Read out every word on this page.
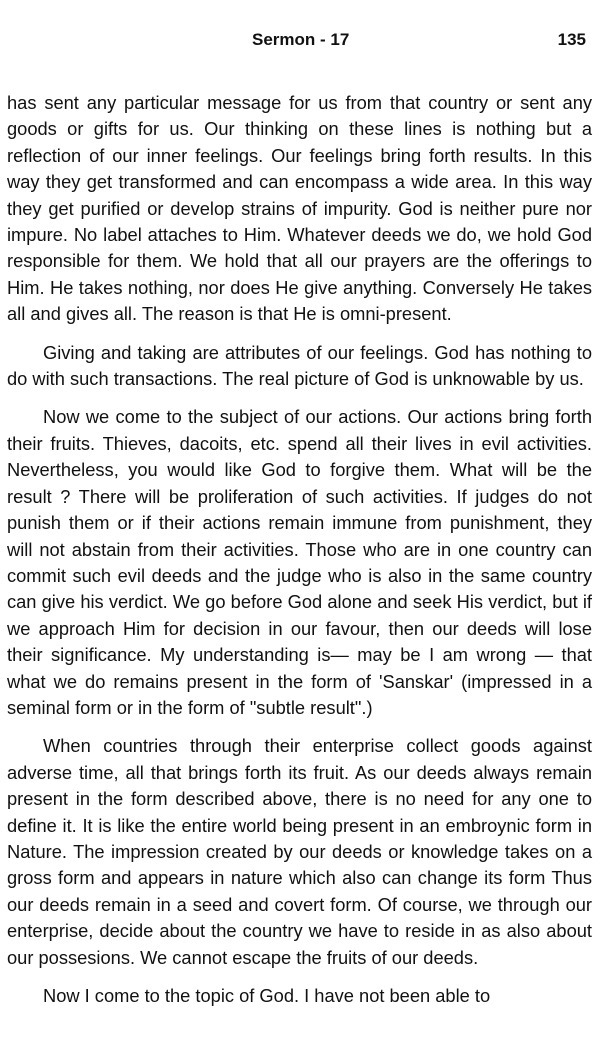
Sermon - 17	135

has sent any particular message for us from that country or sent any goods or gifts for us. Our thinking on these lines is nothing but a reflection of our inner feelings. Our feelings bring forth results. In this way they get transformed and can encompass a wide area. In this way they get purified or develop strains of impurity. God is neither pure nor impure. No label attaches to Him. Whatever deeds we do, we hold God responsible for them. We hold that all our prayers are the offerings to Him. He takes nothing, nor does He give anything. Conversely He takes all and gives all. The reason is that He is omni-present.

Giving and taking are attributes of our feelings. God has nothing to do with such transactions. The real picture of God is unknowable by us.

Now we come to the subject of our actions. Our actions bring forth their fruits. Thieves, dacoits, etc. spend all their lives in evil activities. Nevertheless, you would like God to forgive them. What will be the result ? There will be proliferation of such activities. If judges do not punish them or if their actions remain immune from punishment, they will not abstain from their activities. Those who are in one country can commit such evil deeds and the judge who is also in the same country can give his verdict. We go before God alone and seek His verdict, but if we approach Him for decision in our favour, then our deeds will lose their significance. My understanding is— may be I am wrong — that what we do remains present in the form of 'Sanskar' (impressed in a seminal form or in the form of "subtle result".)

When countries through their enterprise collect goods against adverse time, all that brings forth its fruit. As our deeds always remain present in the form described above, there is no need for any one to define it. It is like the entire world being present in an embroynic form in Nature. The impression created by our deeds or knowledge takes on a gross form and appears in nature which also can change its form Thus our deeds remain in a seed and covert form. Of course, we through our enterprise, decide about the country we have to reside in as also about our possesions. We cannot escape the fruits of our deeds.

Now I come to the topic of God. I have not been able to
